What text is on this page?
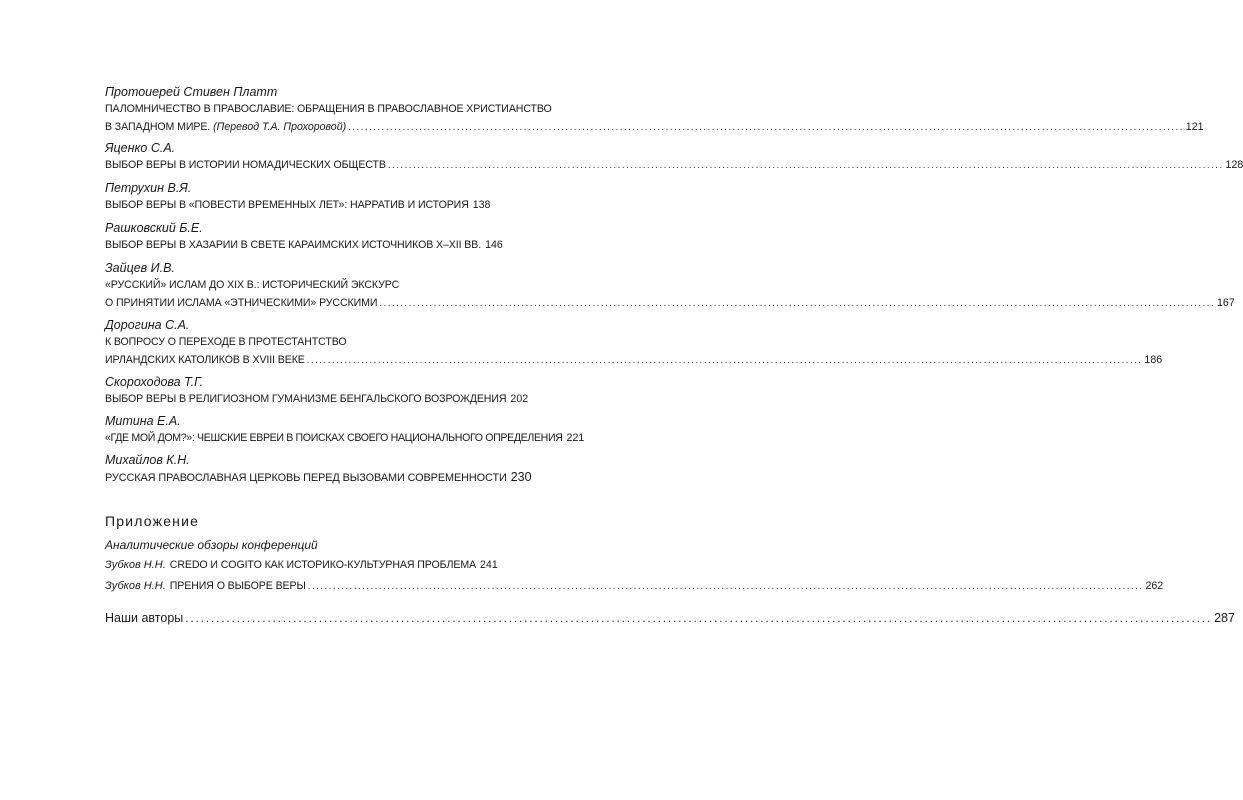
Протоиерей Стивен Платт
ПАЛОМНИЧЕСТВО В ПРАВОСЛАВИЕ: ОБРАЩЕНИЯ В ПРАВОСЛАВНОЕ ХРИСТИАНСТВО
В ЗАПАДНОМ МИРЕ. (Перевод Т.А. Прохоровой) ........................................................................................................................................................................................................ 121
Яценко С.А.
ВЫБОР ВЕРЫ В ИСТОРИИ НОМАДИЧЕСКИХ ОБЩЕСТВ ........................................................................................................................................................................................................ 128
Петрухин В.Я.
ВЫБОР ВЕРЫ В «ПОВЕСТИ ВРЕМЕННЫХ ЛЕТ»: НАРРАТИВ И ИСТОРИЯ 138
Рашковский Б.Е.
ВЫБОР ВЕРЫ В ХАЗАРИИ В СВЕТЕ КАРАИМСКИХ ИСТОЧНИКОВ X–XII ВВ. 146
Зайцев И.В.
«РУССКИЙ» ИСЛАМ ДО XIX В.: ИСТОРИЧЕСКИЙ ЭКСКУРС
О ПРИНЯТИИ ИСЛАМА «ЭТНИЧЕСКИМИ» РУССКИМИ ........................................................................................................................................................................................................ 167
Дорогина С.А.
К ВОПРОСУ О ПЕРЕХОДЕ В ПРОТЕСТАНТСТВО
ИРЛАНДСКИХ КАТОЛИКОВ В XVIII ВЕКЕ ........................................................................................................................................................................................................ 186
Скороходова Т.Г.
ВЫБОР ВЕРЫ В РЕЛИГИОЗНОМ ГУМАНИЗМЕ БЕНГАЛЬСКОГО ВОЗРОЖДЕНИЯ 202
Митина Е.А.
«ГДЕ МОЙ ДОМ?»: ЧЕШСКИЕ ЕВРЕИ В ПОИСКАХ СВОЕГО НАЦИОНАЛЬНОГО ОПРЕДЕЛЕНИЯ 221
Михайлов К.Н.
РУССКАЯ ПРАВОСЛАВНАЯ ЦЕРКОВЬ ПЕРЕД ВЫЗОВАМИ СОВРЕМЕННОСТИ 230
Приложение
Аналитические обзоры конференций
Зубков Н.Н. CREDO И COGITO КАК ИСТОРИКО-КУЛЬТУРНАЯ ПРОБЛЕМА 241
Зубков Н.Н. ПРЕНИЯ О ВЫБОРЕ ВЕРЫ ........................................................................................................................................................................................................ 262
Наши авторы ........................................................................................................................................................................................................ 287
